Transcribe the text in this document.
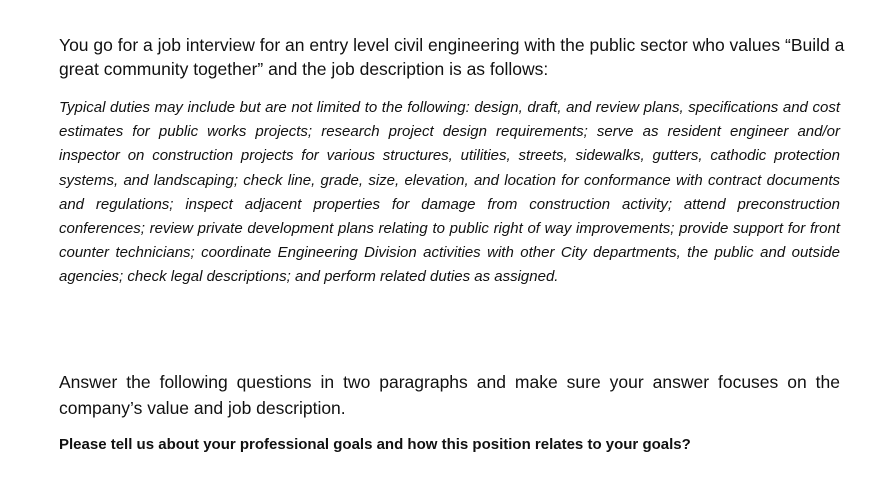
You go for a job interview for an entry level civil engineering with the public sector who values “Build a great community together” and the job description is as follows:

Typical duties may include but are not limited to the following: design, draft, and review plans, specifications and cost estimates for public works projects; research project design requirements; serve as resident engineer and/or inspector on construction projects for various structures, utilities, streets, sidewalks, gutters, cathodic protection systems, and landscaping; check line, grade, size, elevation, and location for conformance with contract documents and regulations; inspect adjacent properties for damage from construction activity; attend preconstruction conferences; review private development plans relating to public right of way improvements; provide support for front counter technicians; coordinate Engineering Division activities with other City departments, the public and outside agencies; check legal descriptions; and perform related duties as assigned.

Answer the following questions in two paragraphs and make sure your answer focuses on the company’s value and job description.

Please tell us about your professional goals and how this position relates to your goals?
